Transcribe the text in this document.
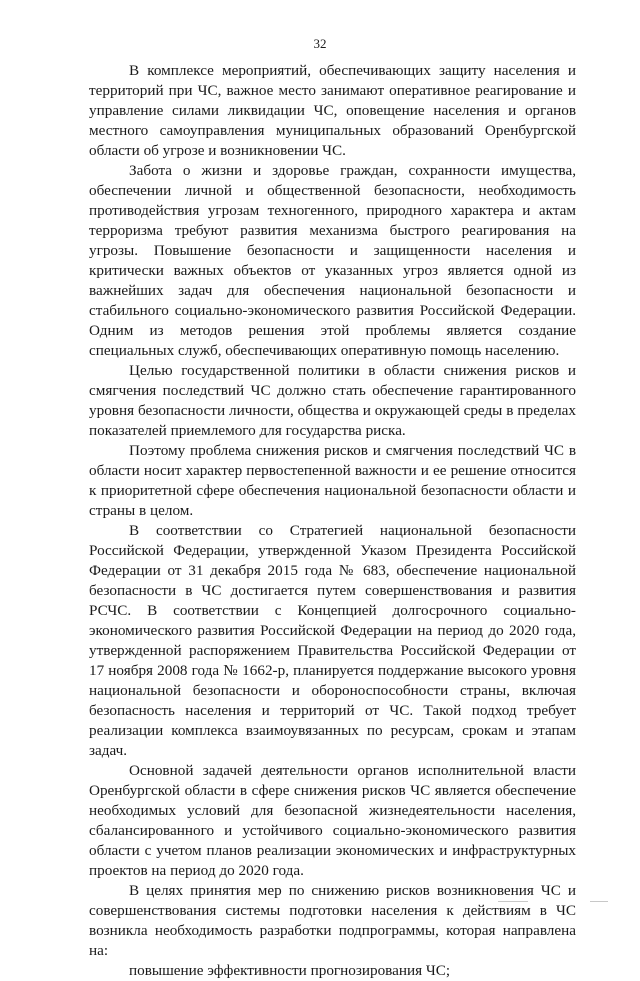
32

В комплексе мероприятий, обеспечивающих защиту населения и территорий при ЧС, важное место занимают оперативное реагирование и управление силами ликвидации ЧС, оповещение населения и органов местного самоуправления муниципальных образований Оренбургской области об угрозе и возникновении ЧС.

Забота о жизни и здоровье граждан, сохранности имущества, обеспечении личной и общественной безопасности, необходимость противодействия угрозам техногенного, природного характера и актам терроризма требуют развития механизма быстрого реагирования на угрозы. Повышение безопасности и защищенности населения и критически важных объектов от указанных угроз является одной из важнейших задач для обеспечения национальной безопасности и стабильного социально-экономического развития Российской Федерации. Одним из методов решения этой проблемы является создание специальных служб, обеспечивающих оперативную помощь населению.

Целью государственной политики в области снижения рисков и смягчения последствий ЧС должно стать обеспечение гарантированного уровня безопасности личности, общества и окружающей среды в пределах показателей приемлемого для государства риска.

Поэтому проблема снижения рисков и смягчения последствий ЧС в области носит характер первостепенной важности и ее решение относится к приоритетной сфере обеспечения национальной безопасности области и страны в целом.

В соответствии со Стратегией национальной безопасности Российской Федерации, утвержденной Указом Президента Российской Федерации от 31 декабря 2015 года № 683, обеспечение национальной безопасности в ЧС достигается путем совершенствования и развития РСЧС. В соответствии с Концепцией долгосрочного социально-экономического развития Российской Федерации на период до 2020 года, утвержденной распоряжением Правительства Российской Федерации от 17 ноября 2008 года № 1662-р, планируется поддержание высокого уровня национальной безопасности и обороноспособности страны, включая безопасность населения и территорий от ЧС. Такой подход требует реализации комплекса взаимоувязанных по ресурсам, срокам и этапам задач.

Основной задачей деятельности органов исполнительной власти Оренбургской области в сфере снижения рисков ЧС является обеспечение необходимых условий для безопасной жизнедеятельности населения, сбалансированного и устойчивого социально-экономического развития области с учетом планов реализации экономических и инфраструктурных проектов на период до 2020 года.

В целях принятия мер по снижению рисков возникновения ЧС и совершенствования системы подготовки населения к действиям в ЧС возникла необходимость разработки подпрограммы, которая направлена на:

повышение эффективности прогнозирования ЧС;
